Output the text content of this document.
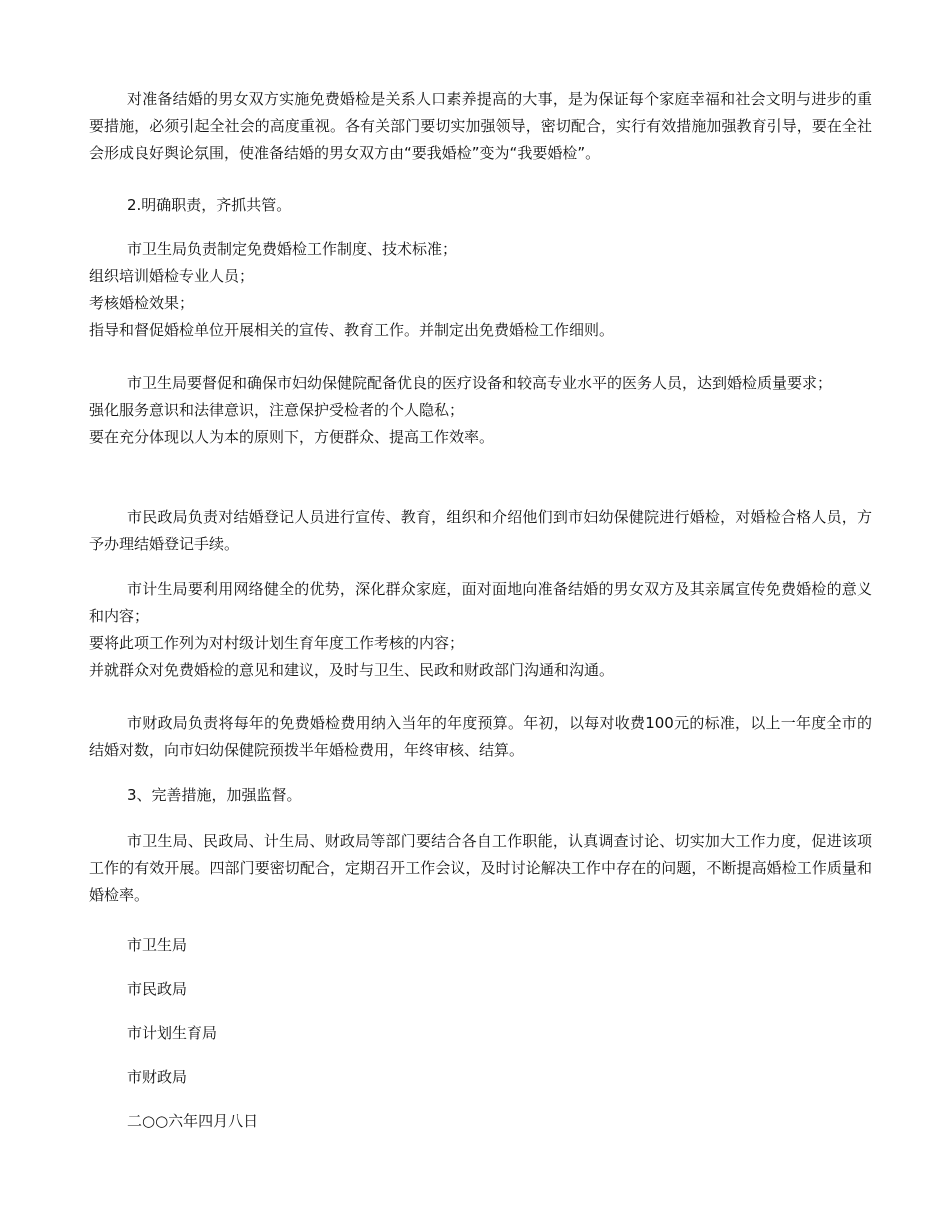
对准备结婚的男女双方实施免费婚检是关系人口素养提高的大事，是为保证每个家庭幸福和社会文明与进步的重要措施，必须引起全社会的高度重视。各有关部门要切实加强领导，密切配合，实行有效措施加强教育引导，要在全社会形成良好舆论氛围，使准备结婚的男女双方由“要我婚检”变为“我要婚检”。

2.明确职责，齐抓共管。

市卫生局负责制定免费婚检工作制度、技术标准；
组织培训婚检专业人员；
考核婚检效果；
指导和督促婚检单位开展相关的宣传、教育工作。并制定出免费婚检工作细则。

市卫生局要督促和确保市妇幼保健院配备优良的医疗设备和较高专业水平的医务人员，达到婚检质量要求；
强化服务意识和法律意识，注意保护受检者的个人隐私；
要在充分体现以人为本的原则下，方便群众、提高工作效率。

市民政局负责对结婚登记人员进行宣传、教育，组织和介绍他们到市妇幼保健院进行婚检，对婚检合格人员，方予办理结婚登记手续。

市计生局要利用网络健全的优势，深化群众家庭，面对面地向准备结婚的男女双方及其亲属宣传免费婚检的意义和内容；
要将此项工作列为对村级计划生育年度工作考核的内容；
并就群众对免费婚检的意见和建议，及时与卫生、民政和财政部门沟通和沟通。

市财政局负责将每年的免费婚检费用纳入当年的年度预算。年初，以每对收费100元的标准，以上一年度全市的结婚对数，向市妇幼保健院预拨半年婚检费用，年终审核、结算。

3、完善措施，加强监督。

市卫生局、民政局、计生局、财政局等部门要结合各自工作职能，认真调查讨论、切实加大工作力度，促进该项工作的有效开展。四部门要密切配合，定期召开工作会议，及时讨论解决工作中存在的问题，不断提高婚检工作质量和婚检率。

市卫生局

市民政局

市计划生育局

市财政局

二○○六年四月八日
